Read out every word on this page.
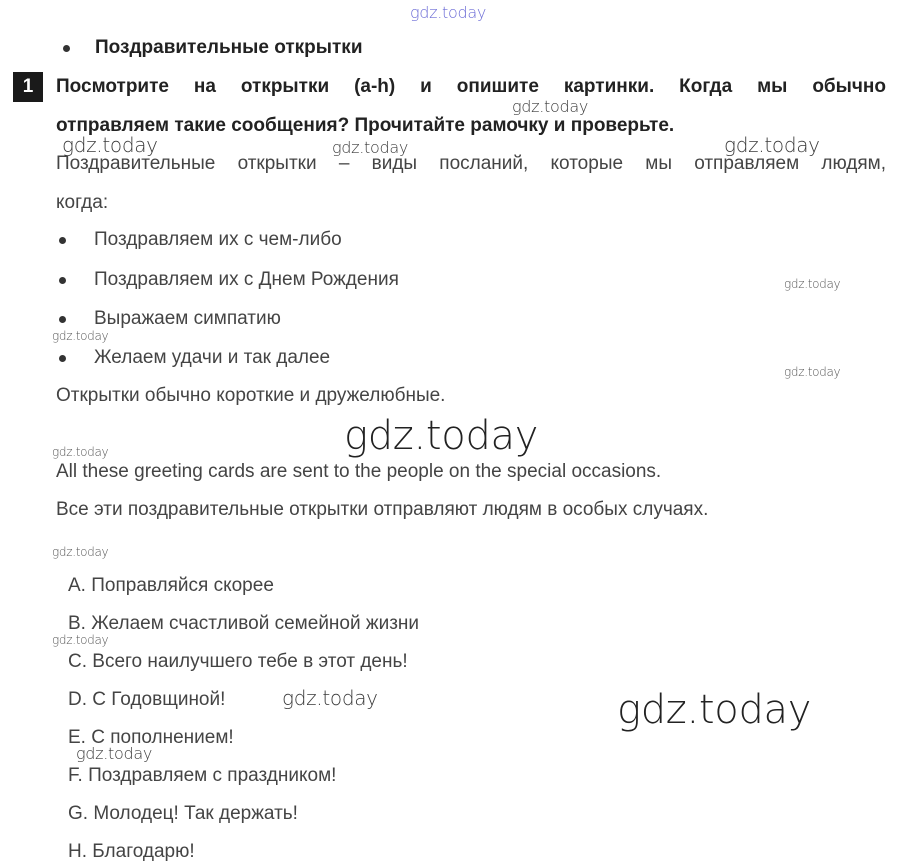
gdz.today
gdz.today
gdz.today	gdz.today	gdz.today
gdz.today
gdz.today
gdz.today
gdz.today
gdz.today
gdz.today
gdz.today
gdz.today	gdz.today
gdz.today
Поздравительные открытки
1	Посмотрите на открытки (a-h) и опишите картинки. Когда мы обычно
отправляем такие сообщения? Прочитайте рамочку и проверьте.
Поздравительные открытки – виды посланий, которые мы отправляем людям,
когда:
Поздравляем их с чем-либо
Поздравляем их с Днем Рождения
Выражаем симпатию
Желаем удачи и так далее
Открытки обычно короткие и дружелюбные.
All these greeting cards are sent to the people on the special occasions.
Все эти поздравительные открытки отправляют людям в особых случаях.
A. Поправляйся скорее
B. Желаем счастливой семейной жизни
C. Всего наилучшего тебе в этот день!
D. С Годовщиной!
E. С пополнением!
F. Поздравляем с праздником!
G. Молодец! Так держать!
H. Благодарю!
